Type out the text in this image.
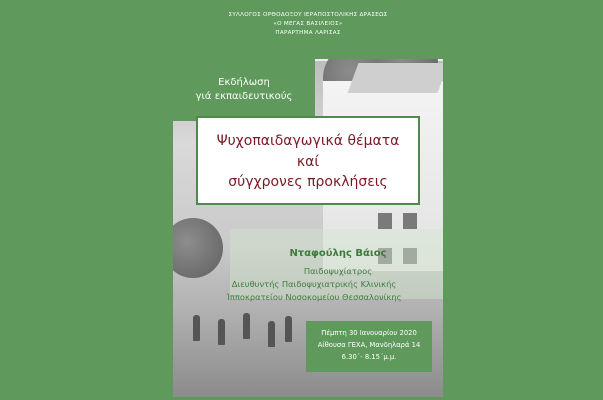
ΣΥΛΛΟΓΟΣ ΟΡΘΟΔΟΞΟΥ ΙΕΡΑΠΟΣΤΟΛΙΚΗΣ ΔΡΑΣΕΩΣ
«Ο ΜΕΓΑΣ ΒΑΣΙΛΕΙΟΣ»
ΠΑΡΑΡΤΗΜΑ ΛΑΡΙΣΑΣ
Εκδήλωση
γιά εκπαιδευτικούς
Ψυχοπαιδαγωγικά θέματα
καί
σύγχρονες προκλήσεις
Νταφούλης Βάιος
Παιδοψυχίατρος
Διευθυντής Παιδοψυχιατρικής Κλινικής
Ίπποκρατείου Νοσοκομείου Θεσσαλονίκης
Πέμπτη 30 Ιανουαρίου 2020
Αίθουσα ΓΕΧΑ, Μανδηλαρά 14
6.30΄- 8.15΄μ.μ.
